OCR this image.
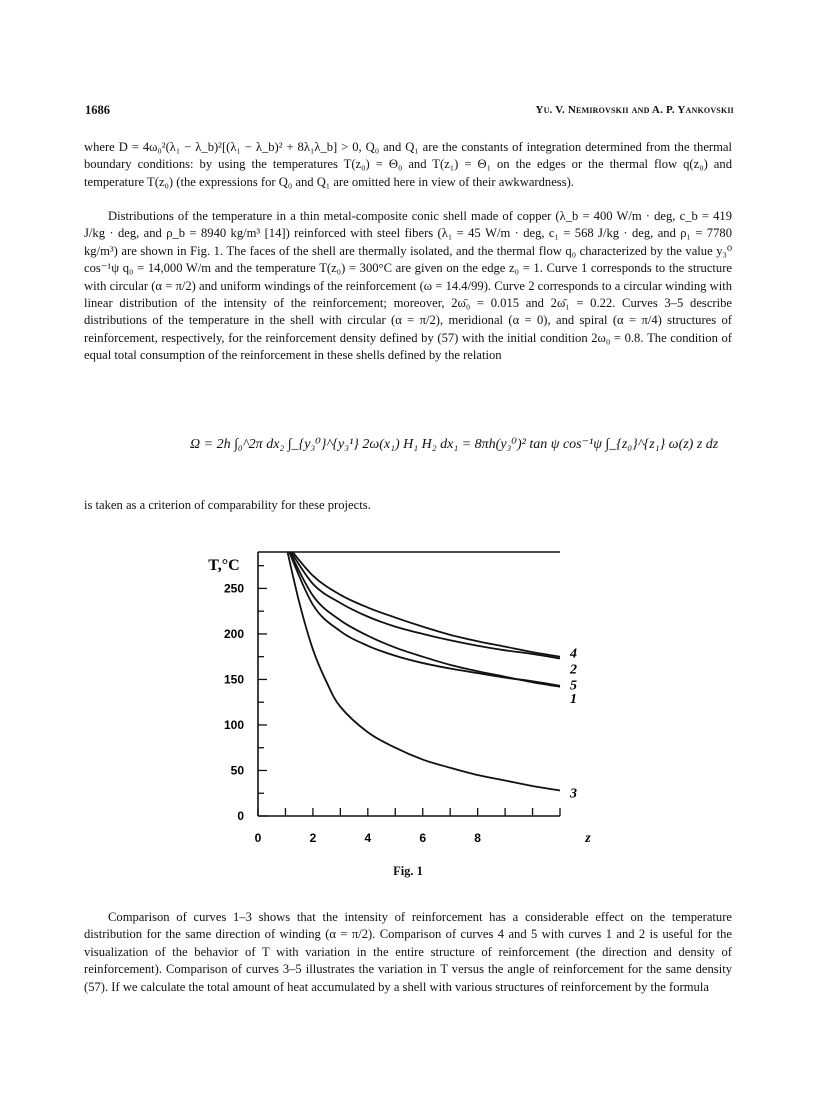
1686	Yu. V. Nemirovskii and A. P. Yankovskii
where D = 4ω₀²(λ₁ − λ_b)²[(λ₁ − λ_b)² + 8λ₁λ_b] > 0, Q₀ and Q₁ are the constants of integration determined from the thermal boundary conditions: by using the temperatures T(z₀) = Θ₀ and T(z₁) = Θ₁ on the edges or the thermal flow q(z₀) and temperature T(z₀) (the expressions for Q₀ and Q₁ are omitted here in view of their awkwardness).
Distributions of the temperature in a thin metal-composite conic shell made of copper (λ_b = 400 W/m · deg, c_b = 419 J/kg · deg, and ρ_b = 8940 kg/m³ [14]) reinforced with steel fibers (λ₁ = 45 W/m · deg, c₁ = 568 J/kg · deg, and ρ₁ = 7780 kg/m³) are shown in Fig. 1. The faces of the shell are thermally isolated, and the thermal flow q₀ characterized by the value y₃⁰ cos⁻¹ψ q₀ = 14,000 W/m and the temperature T(z₀) = 300°C are given on the edge z₀ = 1. Curve 1 corresponds to the structure with circular (α = π/2) and uniform windings of the reinforcement (ω = 14.4/99). Curve 2 corresponds to a circular winding with linear distribution of the intensity of the reinforcement; moreover, 2ω̄₀ = 0.015 and 2ω̄₁ = 0.22. Curves 3–5 describe distributions of the temperature in the shell with circular (α = π/2), meridional (α = 0), and spiral (α = π/4) structures of reinforcement, respectively, for the reinforcement density defined by (57) with the initial condition 2ω₀ = 0.8. The condition of equal total consumption of the reinforcement in these shells defined by the relation
Ω = 2h ∫₀^2π dx₂ ∫_{y₃⁰}^{y₃¹} 2ω(x₁) H₁ H₂ dx₁ = 8πh(y₃⁰)² tan ψ cos⁻¹ψ ∫_{z₀}^{z₁} ω(z) z dz
is taken as a criterion of comparability for these projects.
0
50
100
150
200
250
0	2	4	6	8
T,°C
z
4
2
5
1
3
Fig. 1
Comparison of curves 1–3 shows that the intensity of reinforcement has a considerable effect on the temperature distribution for the same direction of winding (α = π/2). Comparison of curves 4 and 5 with curves 1 and 2 is useful for the visualization of the behavior of T with variation in the entire structure of reinforcement (the direction and density of reinforcement). Comparison of curves 3–5 illustrates the variation in T versus the angle of reinforcement for the same density (57). If we calculate the total amount of heat accumulated by a shell with various structures of reinforcement by the formula
